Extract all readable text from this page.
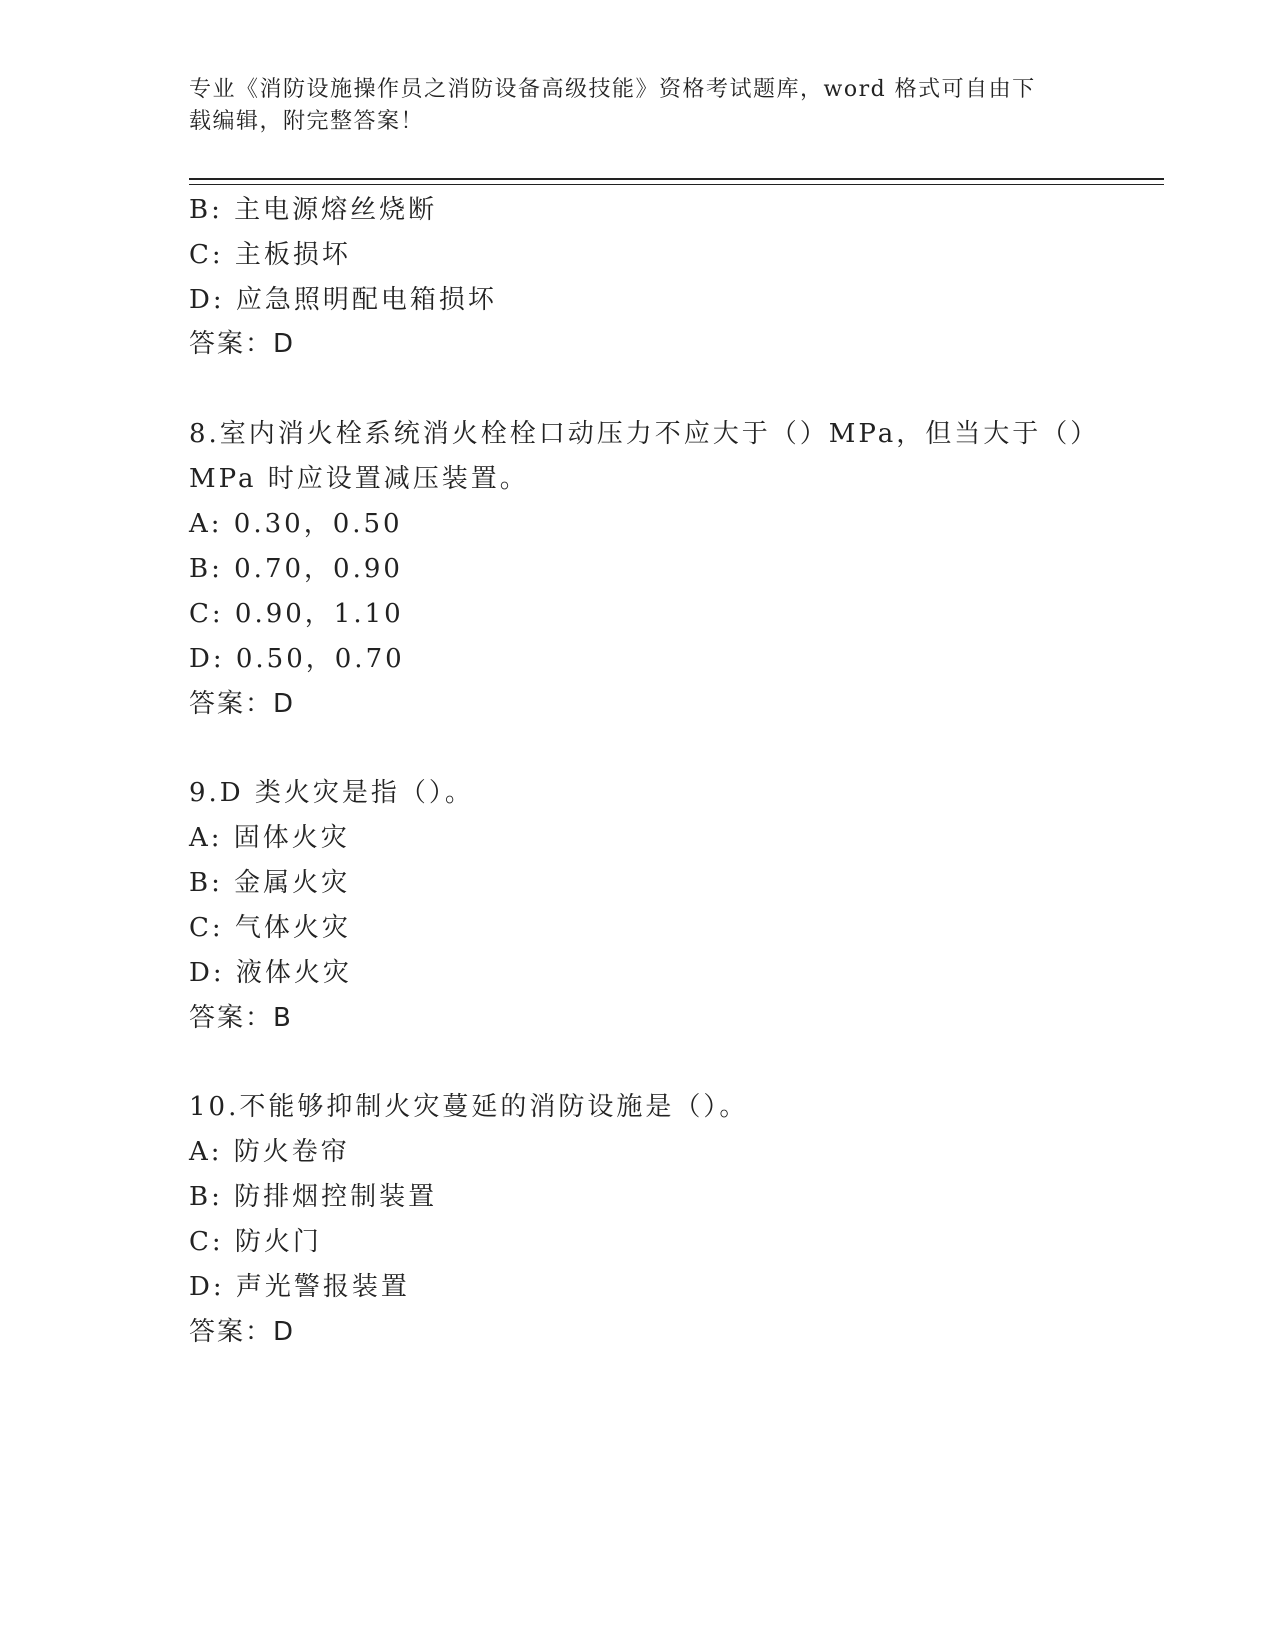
专业《消防设施操作员之消防设备高级技能》资格考试题库，word 格式可自由下
载编辑，附完整答案！
B: 主电源熔丝烧断
C: 主板损坏
D: 应急照明配电箱损坏
答案：D
8.室内消火栓系统消火栓栓口动压力不应大于（）MPa，但当大于（）
MPa 时应设置减压装置。
A: 0.30，0.50
B: 0.70，0.90
C: 0.90，1.10
D: 0.50，0.70
答案：D
9.D 类火灾是指（）。
A: 固体火灾
B: 金属火灾
C: 气体火灾
D: 液体火灾
答案：B
10.不能够抑制火灾蔓延的消防设施是（）。
A: 防火卷帘
B: 防排烟控制装置
C: 防火门
D: 声光警报装置
答案：D
